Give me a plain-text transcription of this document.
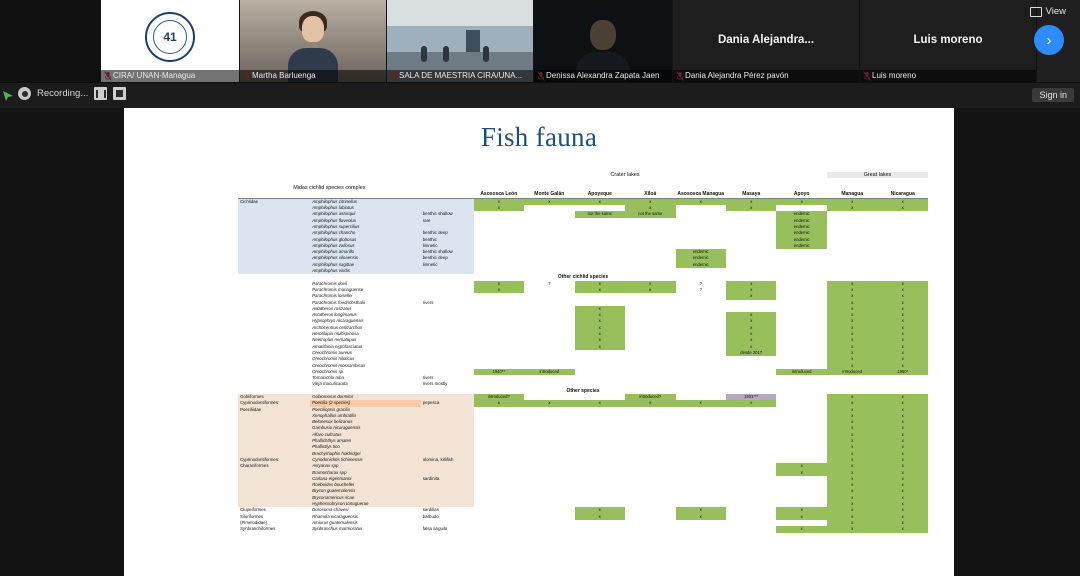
41
CIRA/ UNAN-Managua	Martha Barluenga	SALA DE MAESTRIA CIRA/UNA...	Denissa Alexandra Zapata Jaen
Dania Alejandra...
Dania Alejandra Pérez pavón
Luis moreno
Luis moreno
View
›
Recording...	Sign in
Fish fauna
			Crater lakes							Great lakes	
Midas cichlid species complex			Asososca León	Monte Galán	Apoyeque	Xiloá	Asososca Managua	Masaya	Apoyo	Managua	Nicaragua
Cichlidae	Amphilophus citrinellus		x	x	x	x	x	x	x	x	x
	Amphilophus labiatus		x			x		x		x	x
	Amphilophus astorquii	benthic shallow			not the same	not the same			endemic		
	Amphilophus flaveolus	rare							endemic		
	Amphilophus supercilius								endemic		
	Amphilophus chancho	benthic deep							endemic		
	Amphilophus globosus	benthic							endemic		
	Amphilophus zaliosus	limnetic							endemic		
	Amphilophus amarillo	benthic shallow					endemic				
	Amphilophus xiloaensis	benthic deep					endemic				
	Amphilophus sagittae	limnetic					endemic				
	Amphilophus viridis										
Other cichlid species											
	Parachromis dovii		x	?	x	x	?	x		x	x
	Parachromis managuense		x		x	x	?	x		x	x
	Parachromis loisellei							x		x	x
	Parachromis friedrichsthalii	rivers								x	x
	Astatheros rostratus				x					x	x
	Astatheros longimanus				x			x		x	x
	Hypsophrys nicaraguensis				x			x		x	x
	Archocentrus centrarchus				x			x		x	x
	Herotilapia multispinosa				x			x		x	x
	Neetroplus nematopus				x			x		x	x
	Amatitlania nigrofasciatus				x			x		x	x
	Oreochromis aureus							desde 2017		x	x
	Oreochromis niloticus									x	x
	Oreochromis mossambicus									x	x
	Oreochromis sp.		1940**	introduced					introduced	introduced	1950*
	Tomacichla tuba	rivers									
	Vieja maculicauda	rivers mostly									
Other species											
Gobiiformes	Gobiomorus dormitor		introduced?			introduced?		1931***		x	x
Cyprinodontiformes:	Poecilia (2 species)	pepesca	x	x	x	x	x	x		x	x
Poeciliidae	Poeciliopsis gracilis									x	x
	Xenophallus umbratilis									x	x
	Belonesox belizanus									x	x
	Gambusia nicaraguensis									x	x
	Alfaro cultratus									x	x
	Phallichthys amates									x	x
	Phallictlys tico									x	x
	Brachyrhaphis holdridgei									x	x
Cyprinodontiformes:	Cynodonichtis tichimensis	olomina, killifish								x	x
Characiformes	Astyanax spp								x	x	x
	Bramocharax spp								x	x	x
	Carlana eigenmanni	sardinita								x	x
	Roeboides bouchellei									x	x
	Brycon guatemalensis									x	x
	Bryconamericus ricae									x	x
	Hyphessobrycon tortuguerae									x	x
Clupeiformes	Dorosoma chavesi	sardillas			x		x		x	x	x
Siluriformes	Rhamdia nicaraguensis	barbudo			x		x		x	x	x
(Pimelodidae)	Amiurus guatemalensis									x	x
Synbranchiformes	Synbranchus marmoratus	falsa anguila							x	x	x
